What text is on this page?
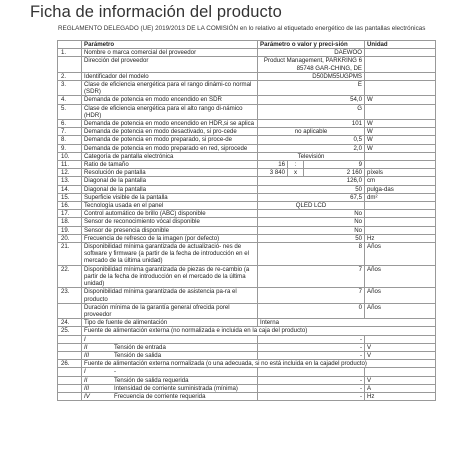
Ficha de información del producto
REGLAMENTO DELEGADO (UE) 2019/2013 DE LA COMISIÓN en lo relativo al etiquetado energético de las pantallas electrónicas
	Parámetro	Parámetro o valor y preci-sión			Unidad
1.	Nombre o marca comercial del proveedor	DAEWOO			
	Dirección del proveedor	Product Management, PARKRING 6 85748 GAR-CHING, DE			
2.	Identificador del modelo	D50DM55UGPMS			
3.	Clase de eficiencia energética para el rango dinámi-co normal (SDR)	E			
4.	Demanda de potencia en modo encendido en SDR	54,0			W
5.	Clase de eficiencia energética para el alto rango di-námico (HDR)	G			
6.	Demanda de potencia en modo encendido en HDR,si se aplica	101			W
7.	Demanda de potencia en modo desactivado, si pro-cede	no aplicable			W
8.	Demanda de potencia en modo preparado, si proce-de	0,5			W
9.	Demanda de potencia en modo preparado en red, siprocede	2,0			W
10.	Categoría de pantalla electrónica	Televisión			
11.	Ratio de tamaño	16	:	9	
12.	Resolución de pantalla	3 840	x	2 160	píxels
13.	Diagonal de la pantalla	126,0			cm
14.	Diagonal de la pantalla	50			pulga-das
15.	Superficie visible de la pantalla	67,5			dm²
16.	Tecnología usada en el panel	QLED LCD			
17.	Control automático de brillo (ABC) disponible	No			
18.	Sensor de reconocimiento vócal disponible	No			
19.	Sensor de presencia disponible	No			
20.	Frecuencia de refresco de la imagen (por defecto)	50			Hz
21.	Disponibilidad mínima garantizada de actualizació- nes de software y firmware (a partir de la fecha de introducción en el mercado de la última unidad)	8			Años
22.	Disponibilidad mínima garantizada de piezas de re-cambio (a partir de la fecha de introducción en el mercado de la última unidad)	7			Años
23.	Disponibilidad mínima garantizada de asistencia pa-ra el producto	7			Años
	Duración mínima de la garantía general ofrecida porel proveedor	0			Años
24.	Tipo de fuente de alimentación	Interna			
25.	Fuente de alimentación externa (no normalizada e incluida en la caja del producto)				
	I	-			
	II Tensión de entrada	-			V
	III Tensión de salida	-			V
26.	Fuente de alimentación externa normalizada (o una adecuada, si no está incluida en la cajadel producto)				
	I -				
	II Tensión de salida requerida	-			V
	III Intensidad de corriente suministrada (mínima)	-			A
	IV Frecuencia de corriente requerida	-			Hz
